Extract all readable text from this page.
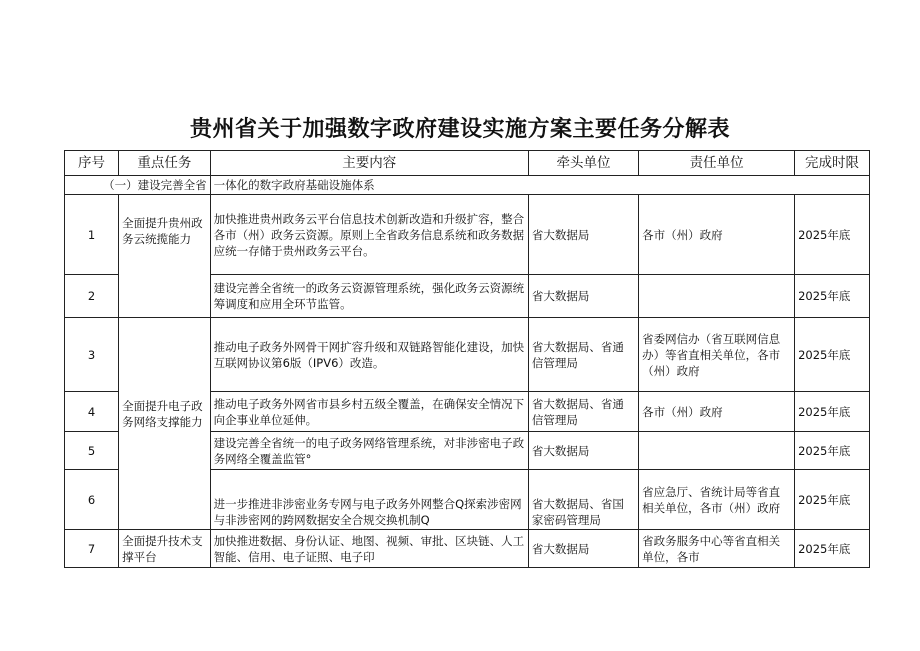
贵州省关于加强数字政府建设实施方案主要任务分解表
序号	重点任务	主要内容	牵头单位	责任单位	完成时限
（一）建设完善全省		一体化的数字政府基础设施体系			
1	全面提升贵州政务云统揽能力	加快推进贵州政务云平台信息技术创新改造和升级扩容，整合各市（州）政务云资源。原则上全省政务信息系统和政务数据应统一存储于贵州政务云平台。	省大数据局	各市（州）政府	2025年底
2		建设完善全省统一的政务云资源管理系统，强化政务云资源统筹调度和应用全环节监管。	省大数据局		2025年底
3	全面提升电子政务网络支撑能力	推动电子政务外网骨干网扩容升级和双链路智能化建设，加快互联网协议第6版（IPV6）改造。	省大数据局、省通信管理局	省委网信办（省互联网信息办）等省直相关单位，各市（州）政府	2025年底
4		推动电子政务外网省市县乡村五级全覆盖，在确保安全情况下向企事业单位延伸。	省大数据局、省通信管理局	各市（州）政府	2025年底
5		建设完善全省统一的电子政务网络管理系统，对非涉密电子政务网络全覆盖监管°	省大数据局		2025年底
6		进一步推进非涉密业务专网与电子政务外网整合Q探索涉密网与非涉密网的跨网数据安全合规交换机制Q	省大数据局、省国家密码管理局	省应急厅、省统计局等省直相关单位，各市（州）政府	2025年底
7	全面提升技术支撑平台	加快推进数据、身份认证、地图、视频、审批、区块链、人工智能、信用、电子证照、电子印	省大数据局	省政务服务中心等省直相关单位，各市	2025年底
